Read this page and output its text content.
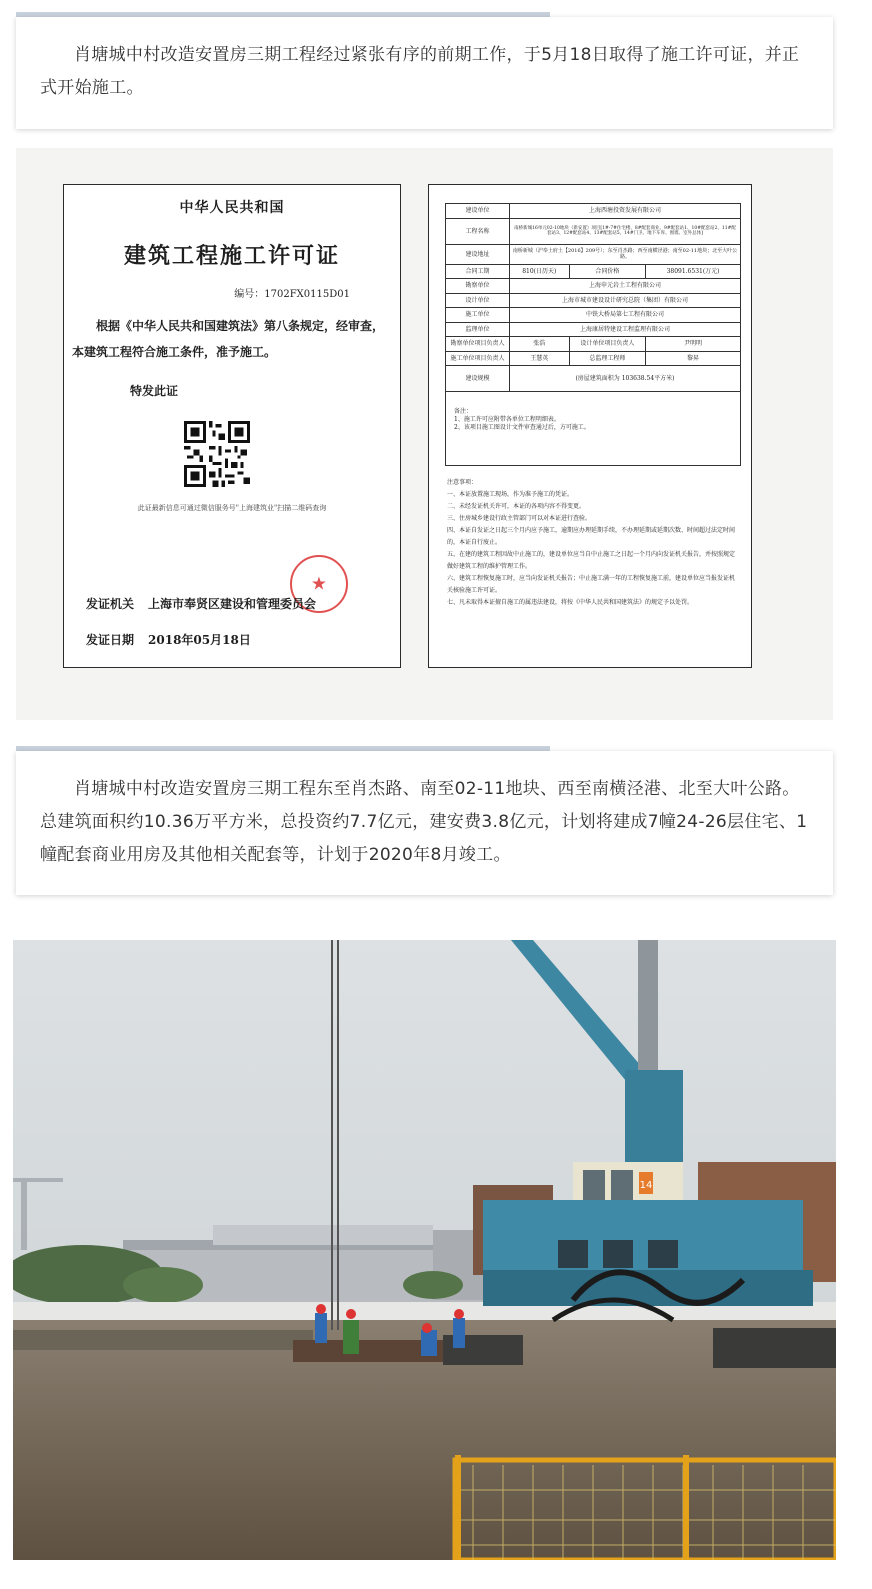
肖塘城中村改造安置房三期工程经过紧张有序的前期工作，于5月18日取得了施工许可证，并正式开始施工。

中华人民共和国
建筑工程施工许可证
编号：1702FX0115D01
根据《中华人民共和国建筑法》第八条规定，经审查，本建筑工程符合施工条件，准予施工。
特发此证
此证最新信息可通过微信服务号"上海建筑业"扫描二维码查询
★
发证机关 上海市奉贤区建设和管理委员会
发证日期 2018年05月18日
建设单位	上海西塘投资发展有限公司		
工程名称	南桥新城16单元02-10地块（新安置）项目[1#-7#住宅楼、8#配套商业、9#配套站1、10#配套站2、11#配套站3、12#配套站4、13#配套站5、14#门卫、地下车库、围墙、室外总体]		
建设地址	南桥新城（沪奉土府土【2016】209号）；东至肖杰路；西至南横泾港；南至02-11地块；北至大叶公路。		
合同工期	810(日历天)	合同价格	38091.6531(万元)
勘察单位	上海申元岩土工程有限公司		
设计单位	上海市城市建设设计研究总院（集团）有限公司		
施工单位	中铁大桥局第七工程有限公司		
监理单位	上海康居特建设工程监理有限公司		
勘察单位项目负责人	张浩	设计单位项目负责人	尹明明
施工单位项目负责人	王慧英	总监理工程师	黎昇
建设规模	(房屋建筑面积为 103638.54平方米)		
备注：
1、施工许可应附带各单位工程明细表。
2、该项目施工图设计文件审查通过后，方可施工。
注意事项：
一、本证放置施工现场，作为准予施工的凭证。
二、未经发证机关许可，本证的各项内容不得变更。
三、住房城乡建设行政主管部门可以对本证进行查验。
四、本证自发证之日起三个月内应予施工，逾期应办理延期手续，不办理延期或延期次数、时间超过法定时间的，本证自行废止。
五、在建的建筑工程因故中止施工的，建设单位应当自中止施工之日起一个月内向发证机关报告，并按照规定做好建筑工程的维护管理工作。
六、建筑工程恢复施工时，应当向发证机关报告；中止施工满一年的工程恢复施工前，建设单位应当报发证机关核验施工许可证。
七、凡未取得本证擅自施工的属违法建设，将按《中华人民共和国建筑法》的规定予以处罚。

肖塘城中村改造安置房三期工程东至肖杰路、南至02-11地块、西至南横泾港、北至大叶公路。总建筑面积约10.36万平方米，总投资约7.7亿元，建安费3.8亿元，计划将建成7幢24-26层住宅、1幢配套商业用房及其他相关配套等，计划于2020年8月竣工。

14
